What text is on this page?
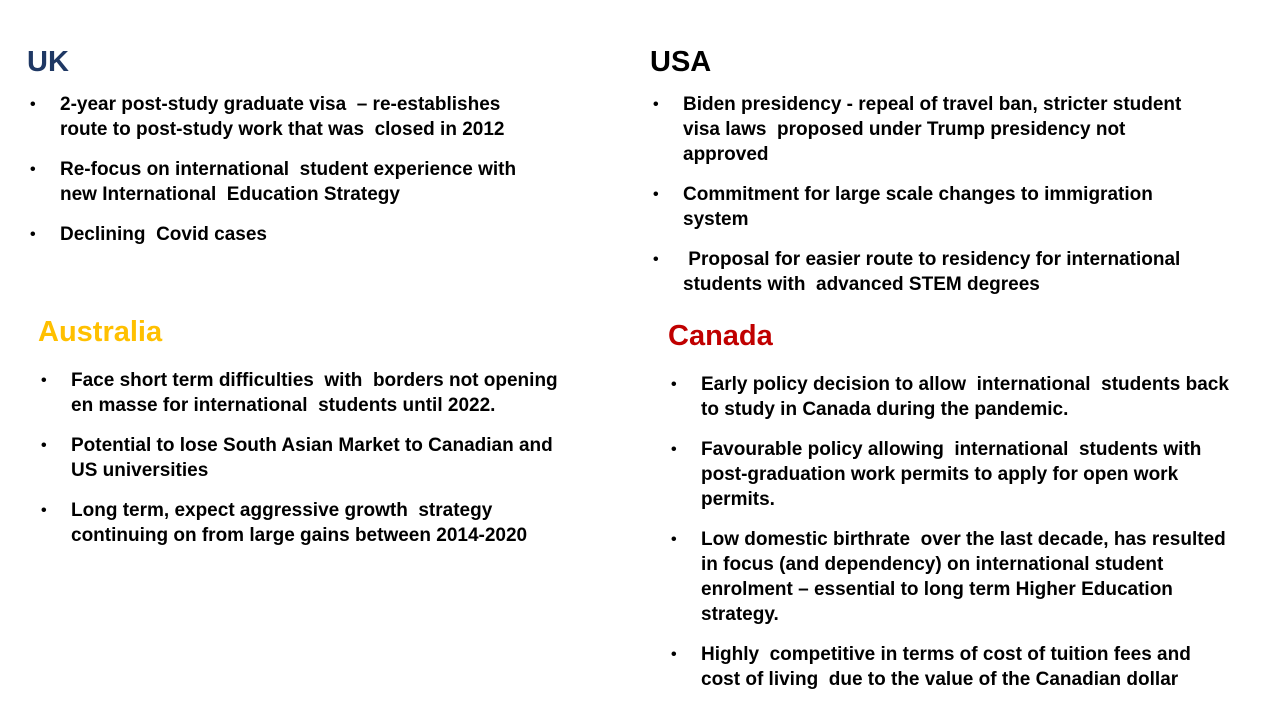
UK
•	2-year post-study graduate visa  – re-establishes route to post-study work that was  closed in 2012
•	Re-focus on international  student experience with new International  Education Strategy
•	Declining  Covid cases
USA
•	Biden presidency - repeal of travel ban, stricter student visa laws  proposed under Trump presidency not approved
•	Commitment for large scale changes to immigration system
•	Proposal for easier route to residency for international students with  advanced STEM degrees
Australia
•	Face short term difficulties  with  borders not opening en masse for international  students until 2022.
•	Potential to lose South Asian Market to Canadian and US universities
•	Long term, expect aggressive growth  strategy continuing on from large gains between 2014-2020
Canada
•	Early policy decision to allow  international  students back to study in Canada during the pandemic.
•	Favourable policy allowing  international  students with  post-graduation work permits to apply for open work permits.
•	Low domestic birthrate  over the last decade, has resulted in focus (and dependency) on international student enrolment – essential to long term Higher Education strategy.
•	Highly  competitive in terms of cost of tuition fees and cost of living  due to the value of the Canadian dollar
